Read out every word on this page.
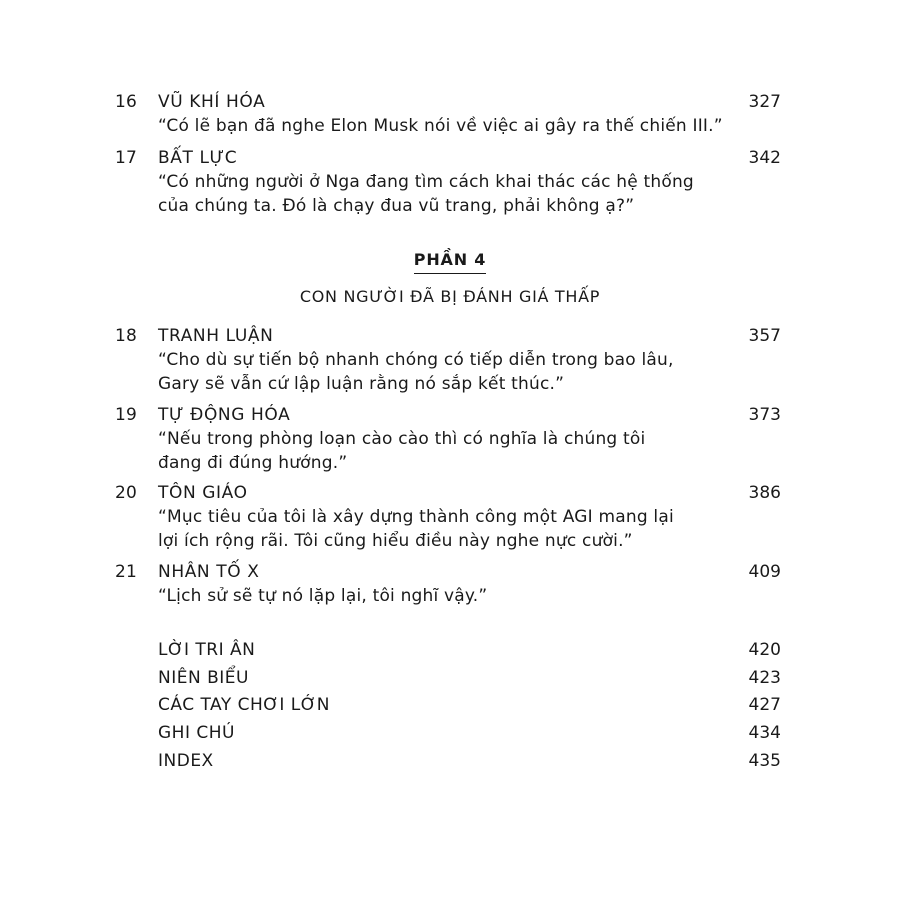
16 VŨ KHÍ HÓA	327
“Có lẽ bạn đã nghe Elon Musk nói về việc ai gây ra thế chiến III.”
17 BẤT LỰC	342
“Có những người ở Nga đang tìm cách khai thác các hệ thống
của chúng ta. Đó là chạy đua vũ trang, phải không ạ?”
PHẦN 4
CON NGƯỜI ĐÃ BỊ ĐÁNH GIÁ THẤP
18 TRANH LUẬN	357
“Cho dù sự tiến bộ nhanh chóng có tiếp diễn trong bao lâu,
Gary sẽ vẫn cứ lập luận rằng nó sắp kết thúc.”
19 TỰ ĐỘNG HÓA	373
“Nếu trong phòng loạn cào cào thì có nghĩa là chúng tôi
đang đi đúng hướng.”
20 TÔN GIÁO	386
“Mục tiêu của tôi là xây dựng thành công một AGI mang lại
lợi ích rộng rãi. Tôi cũng hiểu điều này nghe nực cười.”
21 NHÂN TỐ X	409
“Lịch sử sẽ tự nó lặp lại, tôi nghĩ vậy.”
LỜI TRI ÂN	420
NIÊN BIỂU	423
CÁC TAY CHƠI LỚN	427
GHI CHÚ	434
INDEX	435
